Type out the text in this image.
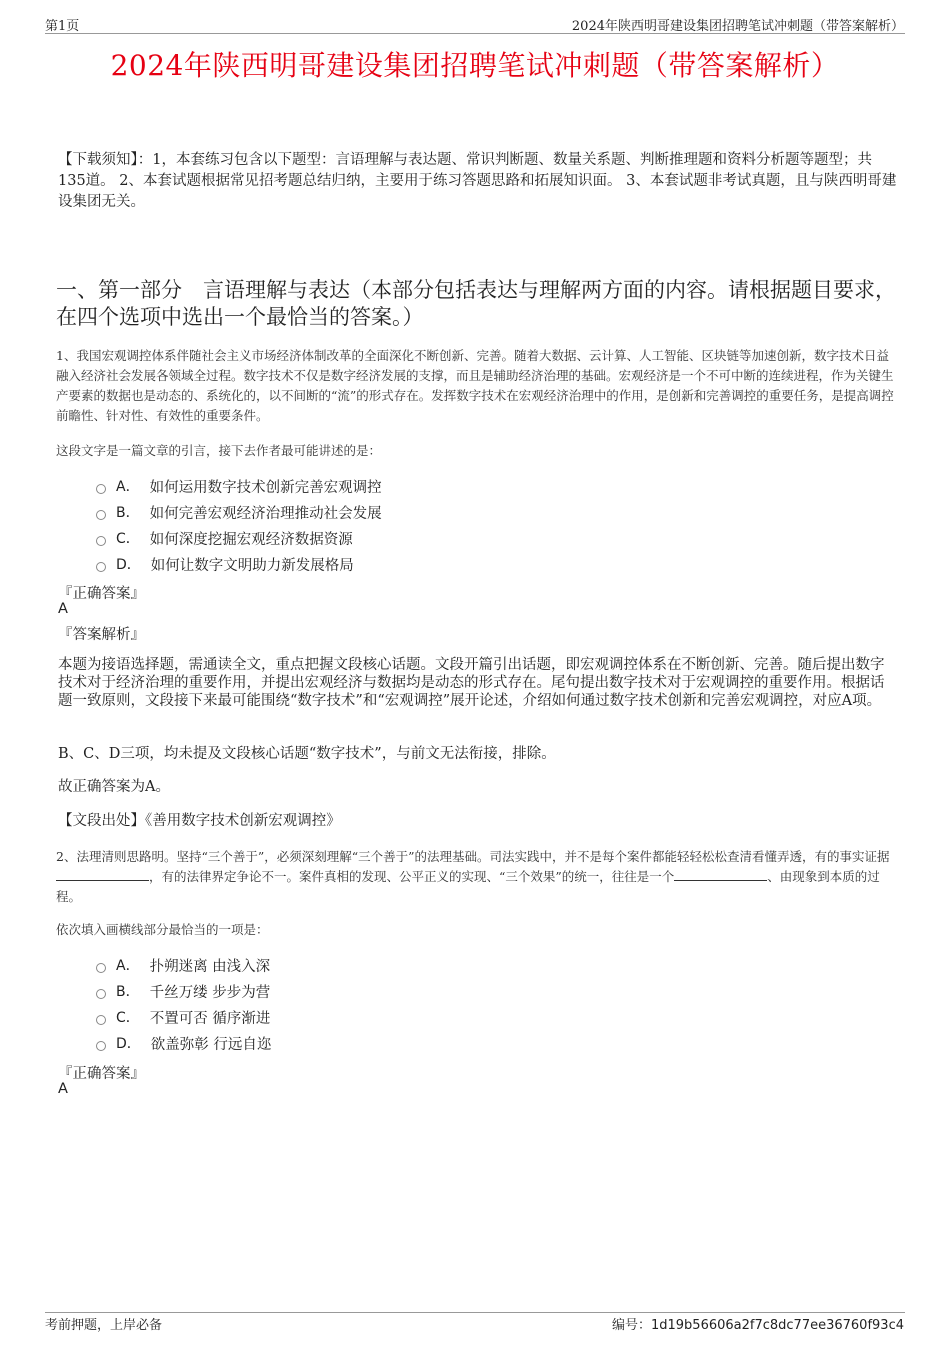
第1页	2024年陕西明哥建设集团招聘笔试冲刺题（带答案解析）
2024年陕西明哥建设集团招聘笔试冲刺题（带答案解析）
【下载须知】：1，本套练习包含以下题型：言语理解与表达题、常识判断题、数量关系题、判断推理题和资料分析题等题型；共135道。 2、本套试题根据常见招考题总结归纳，主要用于练习答题思路和拓展知识面。 3、本套试题非考试真题，且与陕西明哥建设集团无关。
一、第一部分　言语理解与表达（本部分包括表达与理解两方面的内容。请根据题目要求，在四个选项中选出一个最恰当的答案。）
1、我国宏观调控体系伴随社会主义市场经济体制改革的全面深化不断创新、完善。随着大数据、云计算、人工智能、区块链等加速创新，数字技术日益融入经济社会发展各领域全过程。数字技术不仅是数字经济发展的支撑，而且是辅助经济治理的基础。宏观经济是一个不可中断的连续进程，作为关键生产要素的数据也是动态的、系统化的，以不间断的“流”的形式存在。发挥数字技术在宏观经济治理中的作用，是创新和完善调控的重要任务，是提高调控前瞻性、针对性、有效性的重要条件。
这段文字是一篇文章的引言，接下去作者最可能讲述的是：
A． 如何运用数字技术创新完善宏观调控
B． 如何完善宏观经济治理推动社会发展
C． 如何深度挖掘宏观经济数据资源
D． 如何让数字文明助力新发展格局
『正确答案』
A
『答案解析』
本题为接语选择题，需通读全文，重点把握文段核心话题。文段开篇引出话题，即宏观调控体系在不断创新、完善。随后提出数字技术对于经济治理的重要作用，并提出宏观经济与数据均是动态的形式存在。尾句提出数字技术对于宏观调控的重要作用。根据话题一致原则，文段接下来最可能围绕“数字技术”和“宏观调控”展开论述，介绍如何通过数字技术创新和完善宏观调控，对应A项。
B、C、D三项，均未提及文段核心话题“数字技术”，与前文无法衔接，排除。
故正确答案为A。
【文段出处】《善用数字技术创新宏观调控》
2、法理清则思路明。坚持“三个善于”，必须深刻理解“三个善于”的法理基础。司法实践中，并不是每个案件都能轻轻松松查清看懂弄透，有的事实证据，有的法律界定争论不一。案件真相的发现、公平正义的实现、“三个效果”的统一，往往是一个	、由现象到本质的过程。
依次填入画横线部分最恰当的一项是：
A． 扑朔迷离 由浅入深
B． 千丝万缕 步步为营
C． 不置可否 循序渐进
D． 欲盖弥彰 行远自迩
『正确答案』
A
考前押题，上岸必备	编号：1d19b56606a2f7c8dc77ee36760f93c4
